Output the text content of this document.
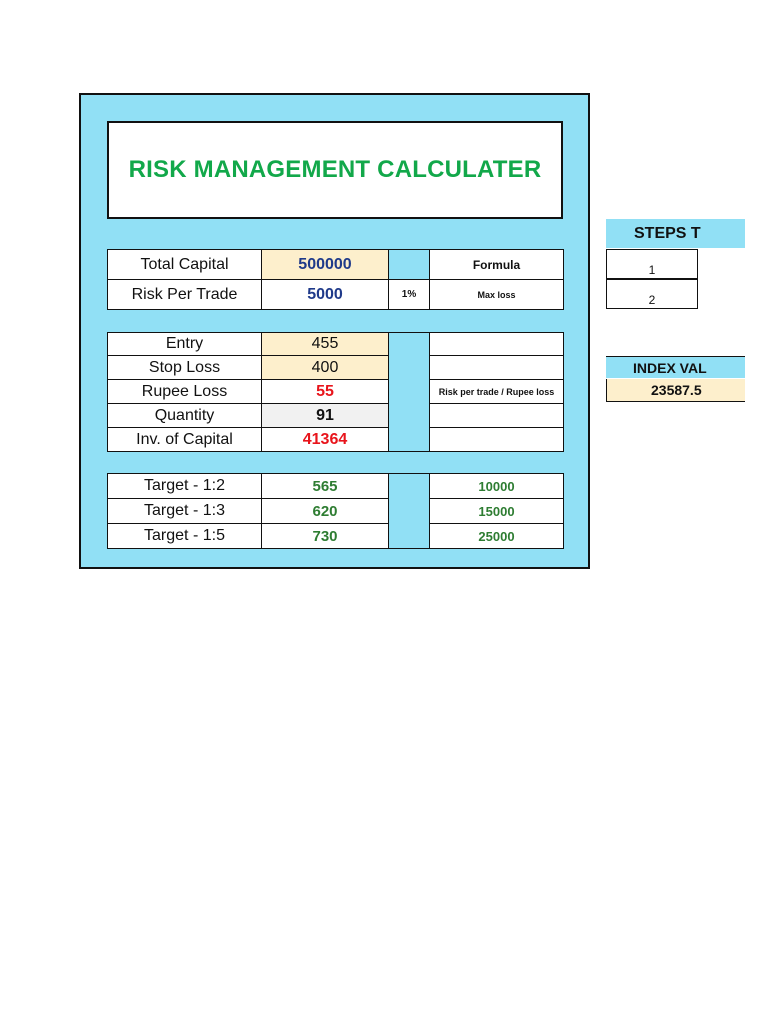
RISK MANAGEMENT CALCULATER
Total Capital	500000		Formula
Risk Per Trade	5000	1%	Max loss
Entry	455		
Stop Loss	400		
Rupee Loss	55		Risk per trade / Rupee loss
Quantity	91		
Inv. of Capital	41364		
Target - 1:2	565		10000
Target - 1:3	620		15000
Target - 1:5	730		25000
STEPS T
1
2
INDEX VAL
23587.5
